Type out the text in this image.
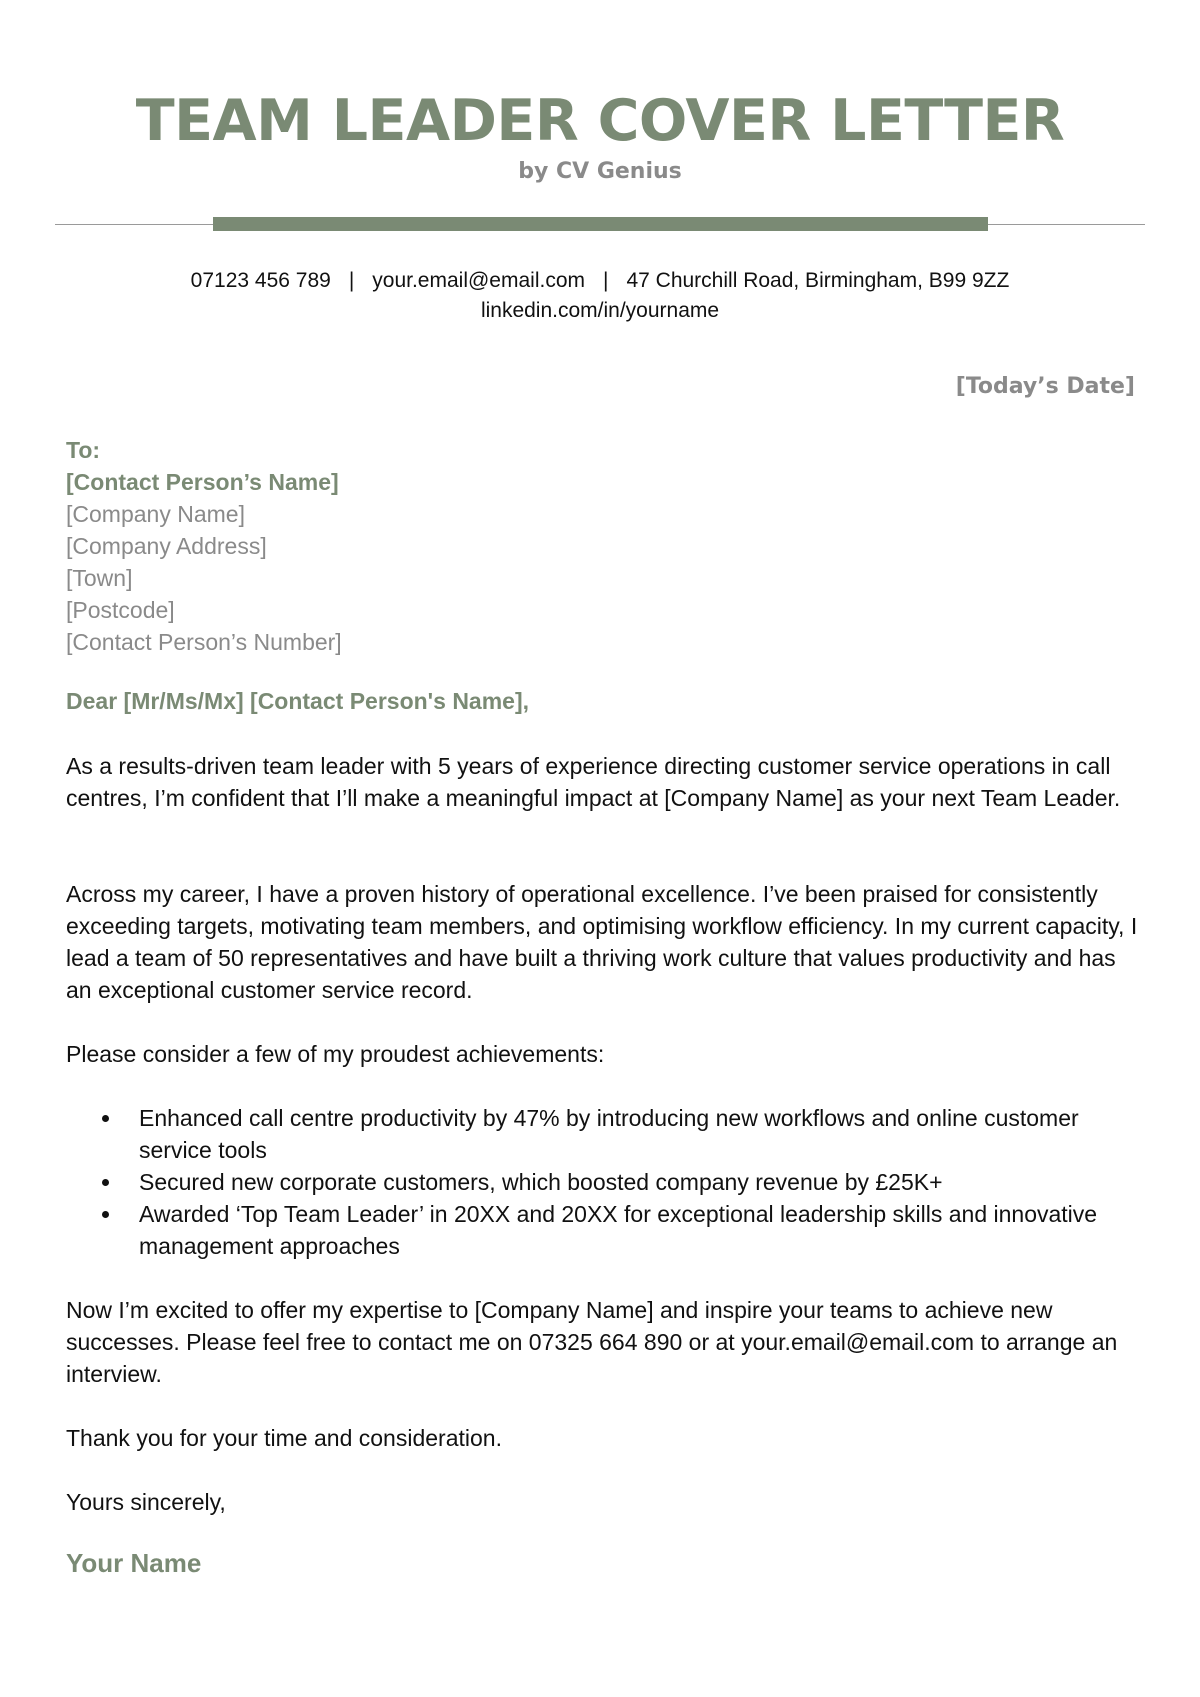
TEAM LEADER COVER LETTER
by CV Genius
07123 456 789 | your.email@email.com | 47 Churchill Road, Birmingham, B99 9ZZ
linkedin.com/in/yourname
[Today’s Date]
To:
[Contact Person’s Name]
[Company Name]
[Company Address]
[Town]
[Postcode]
[Contact Person’s Number]
Dear [Mr/Ms/Mx] [Contact Person's Name],
As a results-driven team leader with 5 years of experience directing customer service operations in call centres, I’m confident that I’ll make a meaningful impact at [Company Name] as your next Team Leader.
Across my career, I have a proven history of operational excellence. I’ve been praised for consistently exceeding targets, motivating team members, and optimising workflow efficiency. In my current capacity, I lead a team of 50 representatives and have built a thriving work culture that values productivity and has an exceptional customer service record.
Please consider a few of my proudest achievements:
Enhanced call centre productivity by 47% by introducing new workflows and online customer service tools
Secured new corporate customers, which boosted company revenue by £25K+
Awarded ‘Top Team Leader’ in 20XX and 20XX for exceptional leadership skills and innovative management approaches
Now I’m excited to offer my expertise to [Company Name] and inspire your teams to achieve new successes. Please feel free to contact me on 07325 664 890 or at your.email@email.com to arrange an interview.
Thank you for your time and consideration.
Yours sincerely,
Your Name
